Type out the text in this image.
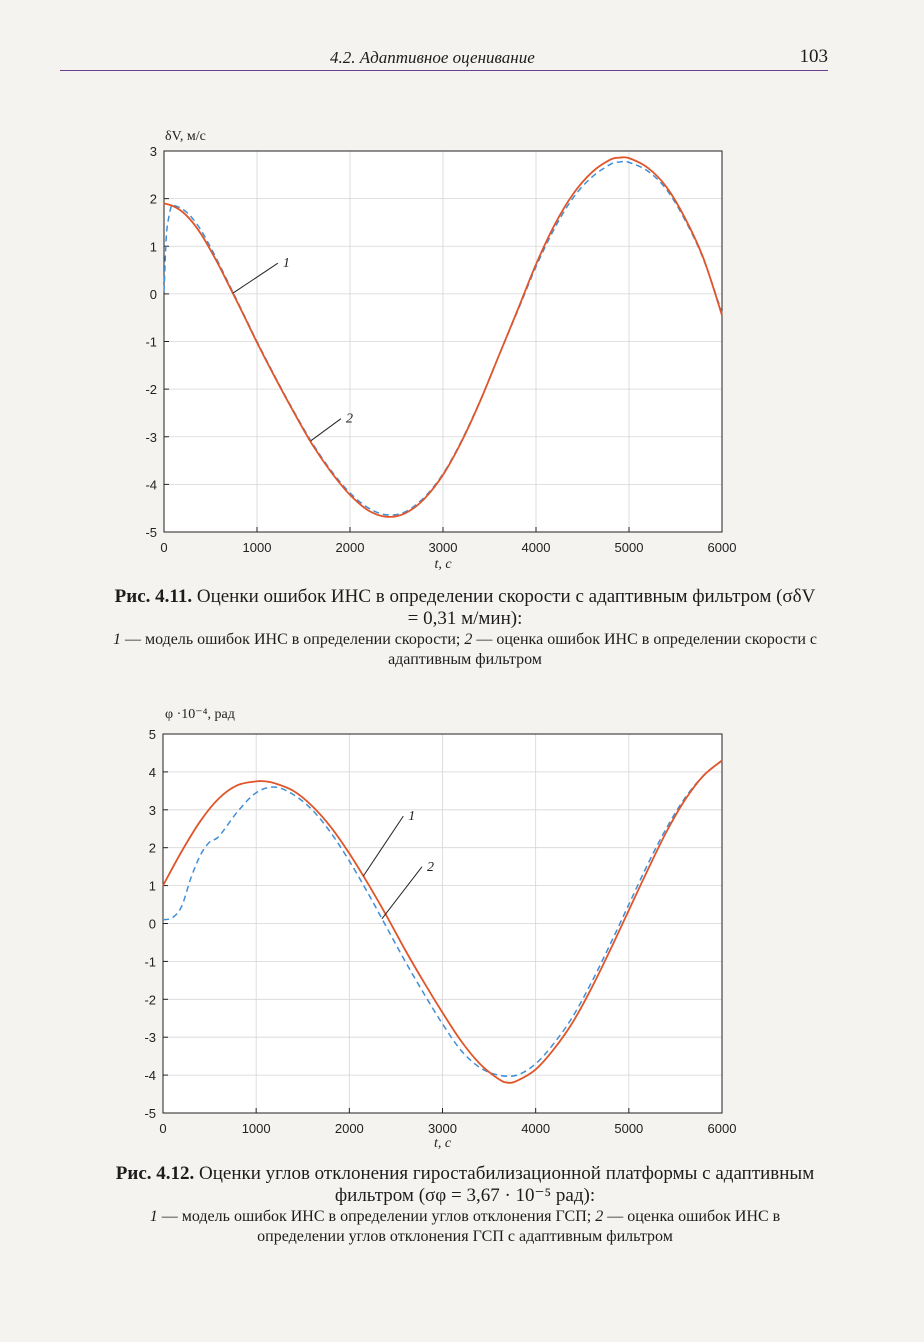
4.2. Адаптивное оценивание	103
0	1000	2000	3000	4000	5000	6000
-5
-4
-3
-2
-1
0
1
2
3
δV, м/с
t, с
1
2
Рис. 4.11. Оценки ошибок ИНС в определении скорости с адаптивным фильтром (σδV = 0,31 м/мин):
1 — модель ошибок ИНС в определении скорости; 2 — оценка ошибок ИНС в определении скорости с адаптивным фильтром
0	1000	2000	3000	4000	5000	6000
-5
-4
-3
-2
-1
0
1
2
3
4
5
φ ·10⁻⁴, рад
t, с
1
2
Рис. 4.12. Оценки углов отклонения гиростабилизационной платформы с адаптивным фильтром (σφ = 3,67 · 10⁻⁵ рад):
1 — модель ошибок ИНС в определении углов отклонения ГСП; 2 — оценка ошибок ИНС в определении углов отклонения ГСП с адаптивным фильтром
